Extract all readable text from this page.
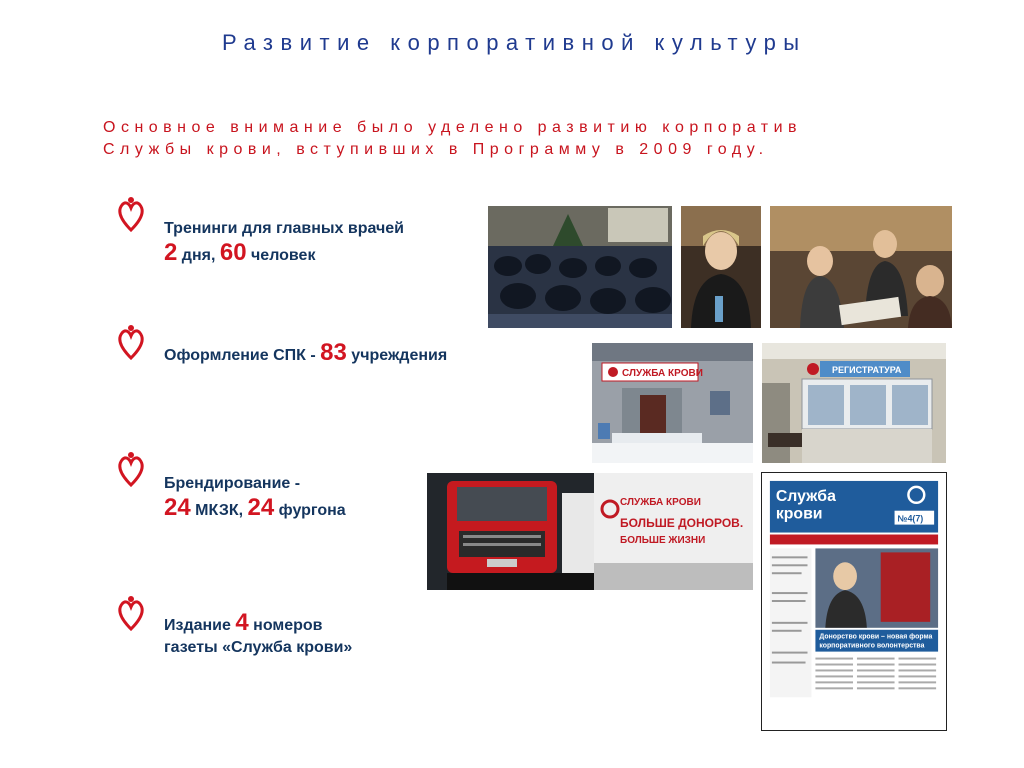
Развитие корпоративной культуры
Основное внимание было уделено развитию корпоратив
Службы крови, вступивших в Программу в 2009 году.
Тренинги для главных врачей
2 дня, 60 человек
Оформление СПК - 83 учреждения
Брендирование -
24 МКЗК, 24 фургона
Издание 4 номеров
газеты «Служба крови»
СЛУЖБА КРОВИ	РЕГИСТРАТУРА
СЛУЖБА КРОВИ
БОЛЬШЕ ДОНОРОВ.
БОЛЬШЕ ЖИЗНИ
Служба
крови	№4(7)
Донорство крови – новая форма
корпоративного волонтерства
